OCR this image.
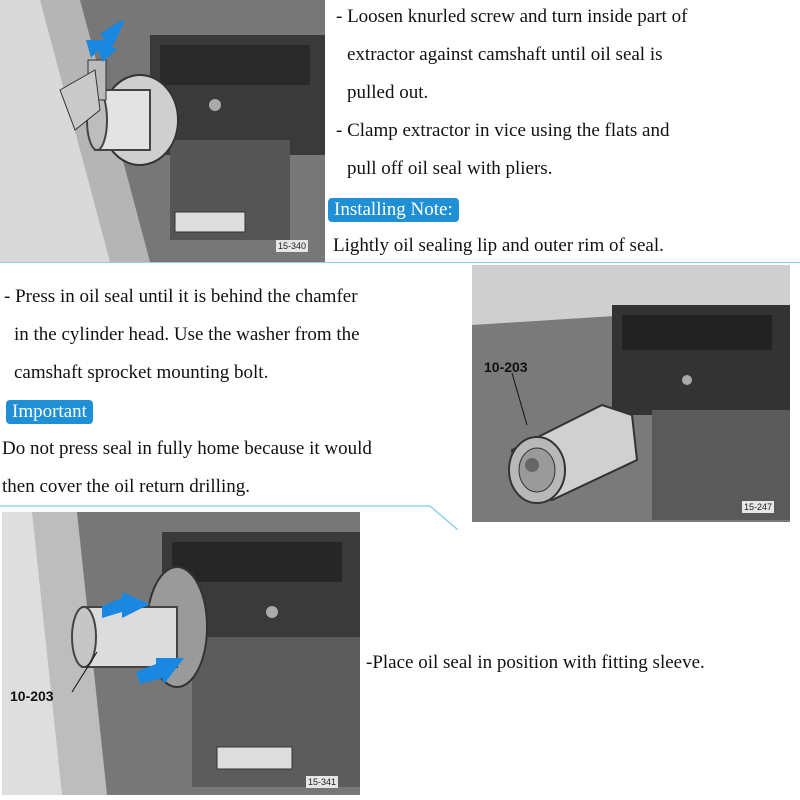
15-340
- Loosen knurled screw and turn inside part of
extractor against camshaft until oil seal is
pulled out.
- Clamp extractor in vice using the flats and
pull off oil seal with pliers.
Installing Note:
Lightly oil sealing lip and outer rim of seal.
10-203
15-247
- Press in oil seal until it is behind the chamfer
in the cylinder head. Use the washer from the
camshaft sprocket mounting bolt.
Important
Do not press seal in fully home because it would
then cover the oil return drilling.
10-203
15-341
-Place oil seal in position with fitting sleeve.
